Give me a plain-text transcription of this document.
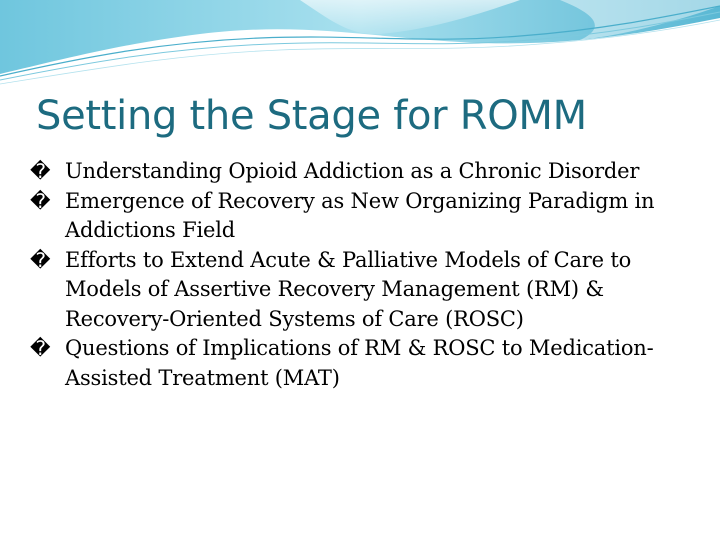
Setting the Stage for ROMM
� Understanding Opioid Addiction as a Chronic Disorder
� Emergence of Recovery as New Organizing Paradigm in Addictions Field
� Efforts to Extend Acute & Palliative Models of Care to Models of Assertive Recovery Management (RM) & Recovery-Oriented Systems of Care (ROSC)
� Questions of Implications of RM & ROSC to Medication-Assisted Treatment (MAT)
